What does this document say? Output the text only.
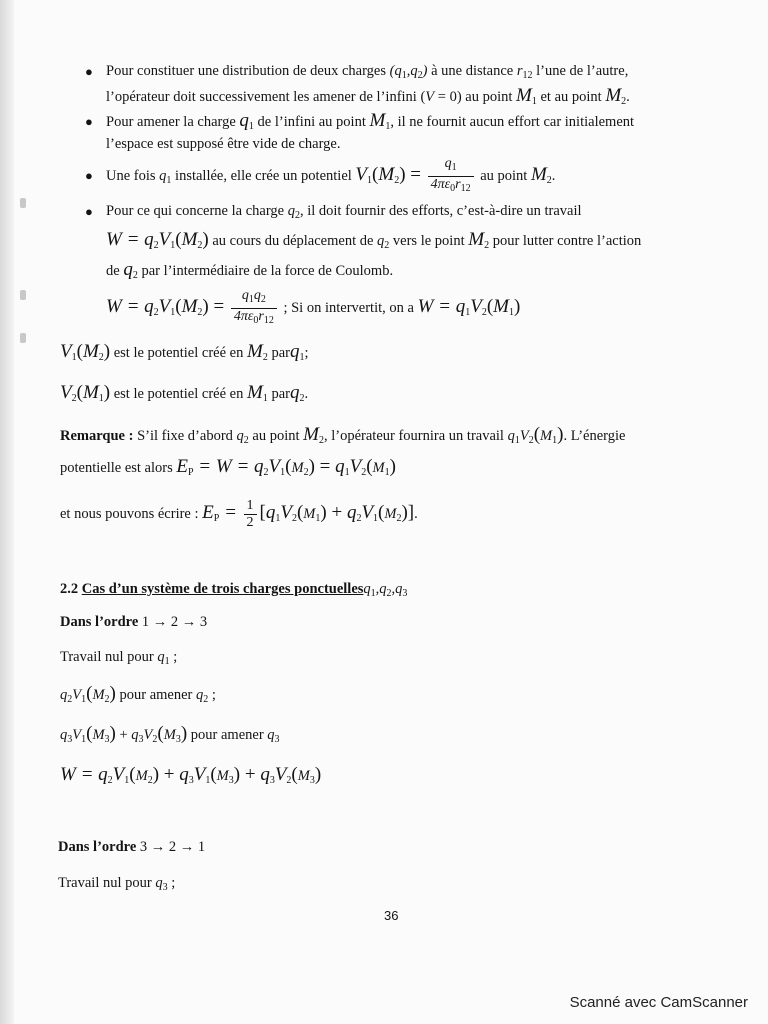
● Pour constituer une distribution de deux charges $(q_1,q_2)$ à une distance $r_{12}$ l’une de l’autre,
l’opérateur doit successivement les amener de l’infini (V = 0) au point $M_1$ et au point $M_2$.
● Pour amener la charge $q_1$ de l’infini au point $M_1$, il ne fournit aucun effort car initialement
l’espace est supposé être vide de charge.
● Une fois $q_1$ installée, elle crée un potentiel $V_1(M_2) = \frac{q_1}{4\pi\varepsilon_0r_{12}}$ au point $M_2$.
● Pour ce qui concerne la charge $q_2$, il doit fournir des efforts, c’est-à-dire un travail
$W = q_2V_1(M_2)$ au cours du déplacement de $q_2$ vers le point $M_2$ pour lutter contre l’action
de $q_2$ par l’intermédiaire de la force de Coulomb.
$W = q_2V_1(M_2) = \frac{q_1q_2}{4\pi\varepsilon_0r_{12}}$ ; Si on intervertit, on a $W = q_1V_2(M_1)$
$V_1(M_2)$ est le potentiel créé en $M_2$ parq$_1$;
$V_2(M_1)$ est le potentiel créé en $M_1$ parq$_2$.
Remarque : S’il fixe d’abord $q_2$ au point $M_2$, l’opérateur fournira un travail $q_1V_2(M_1)$. L’énergie
potentielle est alors $E_P = W = q_2V_1(M_2) = q_1V_2(M_1)$
et nous pouvons écrire : $E_P = \frac{1}{2} [q_1V_2(M_1) + q_2V_1(M_2)]$.
2.2 Cas d’un système de trois charges $ponctuellesq_1,q_2,q_3$
Dans l’ordre 1 → 2 → 3
Travail nul pour $q_1$ ;
$q_2V_1(M_2)$ pour amener $q_2$ ;
$q_3V_1(M_3) + q_3V_2(M_3)$ pour amener $q_3$
$W = q_2V_1(M_2) + q_3V_1(M_3) + q_3V_2(M_3)$
Dans l’ordre 3 → 2 → 1
Travail nul pour $q_3$ ;
36
Scanné avec CamScanner
